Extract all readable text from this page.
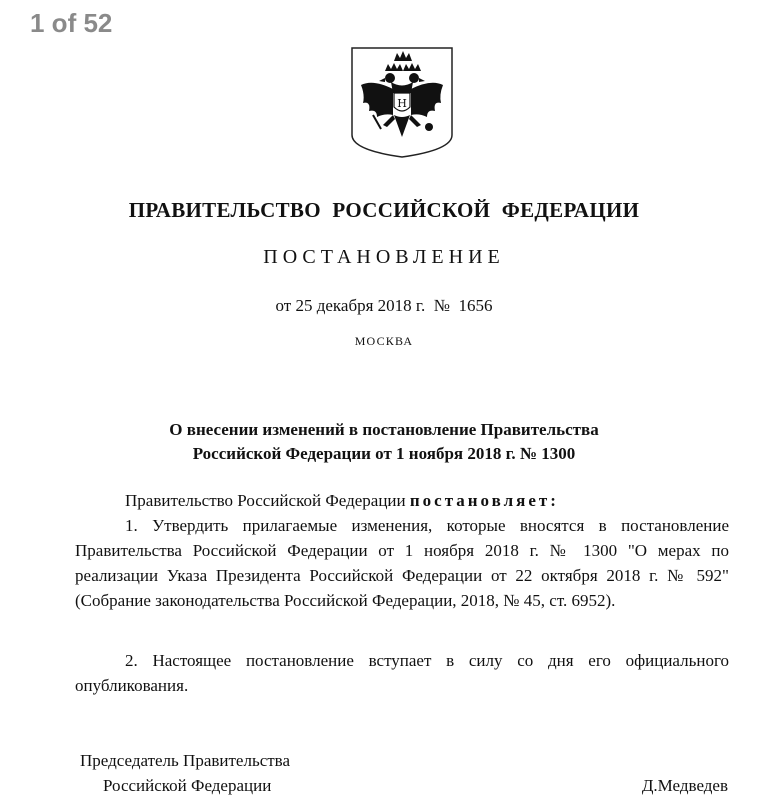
1 of 52
Н
ПРАВИТЕЛЬСТВО РОССИЙСКОЙ ФЕДЕРАЦИИ
ПОСТАНОВЛЕНИЕ
от 25 декабря 2018 г.  №  1656
МОСКВА
О внесении изменений в постановление Правительства
Российской Федерации от 1 ноября 2018 г. № 1300
Правительство Российской Федерации постановляет:
1. Утвердить прилагаемые изменения, которые вносятся в постановление Правительства Российской Федерации от 1 ноября 2018 г. № 1300 "О мерах по реализации Указа Президента Российской Федерации от 22 октября 2018 г. № 592" (Собрание законодательства Российской Федерации, 2018, № 45, ст. 6952).
2. Настоящее постановление вступает в силу со дня его официального опубликования.
Председатель Правительства
Российской Федерации	Д.Медведев
